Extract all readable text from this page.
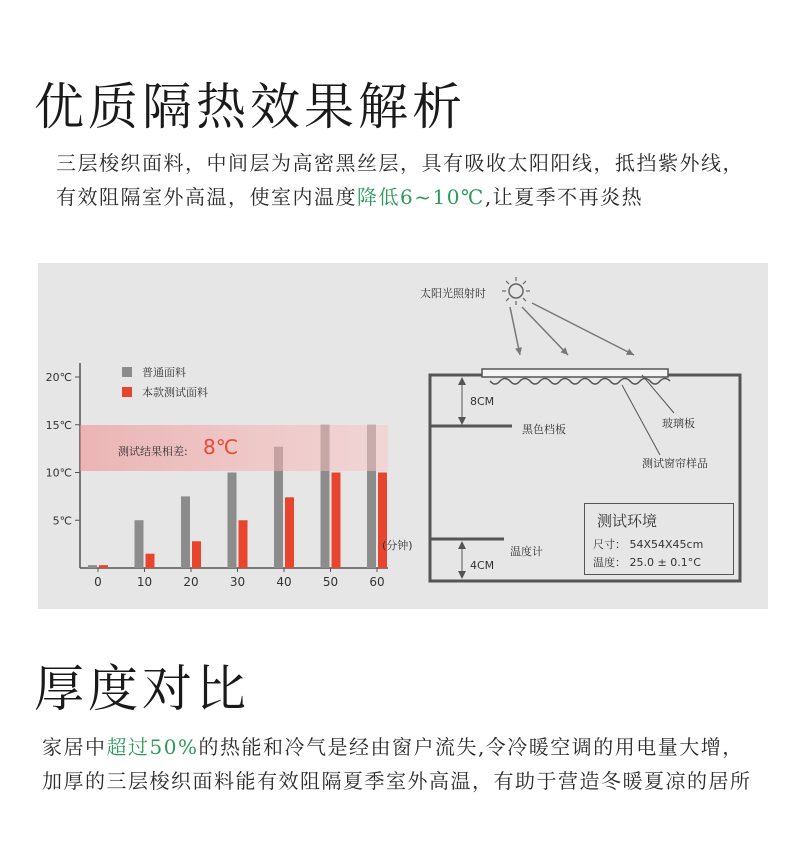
优质隔热效果解析
三层梭织面料，中间层为高密黑丝层，具有吸收太阳阳线，抵挡紫外线，有效阻隔室外高温，使室内温度降低6~10℃,让夏季不再炎热
20℃
15℃
10℃
5℃
0	10	20	30	40	50	60
(分钟)
测试结果相差: 8℃
普通面料
本款测试面料
太阳光照射时
8CM
黑色档板	玻璃板
测试窗帘样品
温度计
4CM
测试环境
尺寸： 54X54X45cm
温度： 25.0 ± 0.1°C
厚度对比
家居中超过50%的热能和冷气是经由窗户流失,令冷暖空调的用电量大增，加厚的三层梭织面料能有效阻隔夏季室外高温，有助于营造冬暖夏凉的居所
